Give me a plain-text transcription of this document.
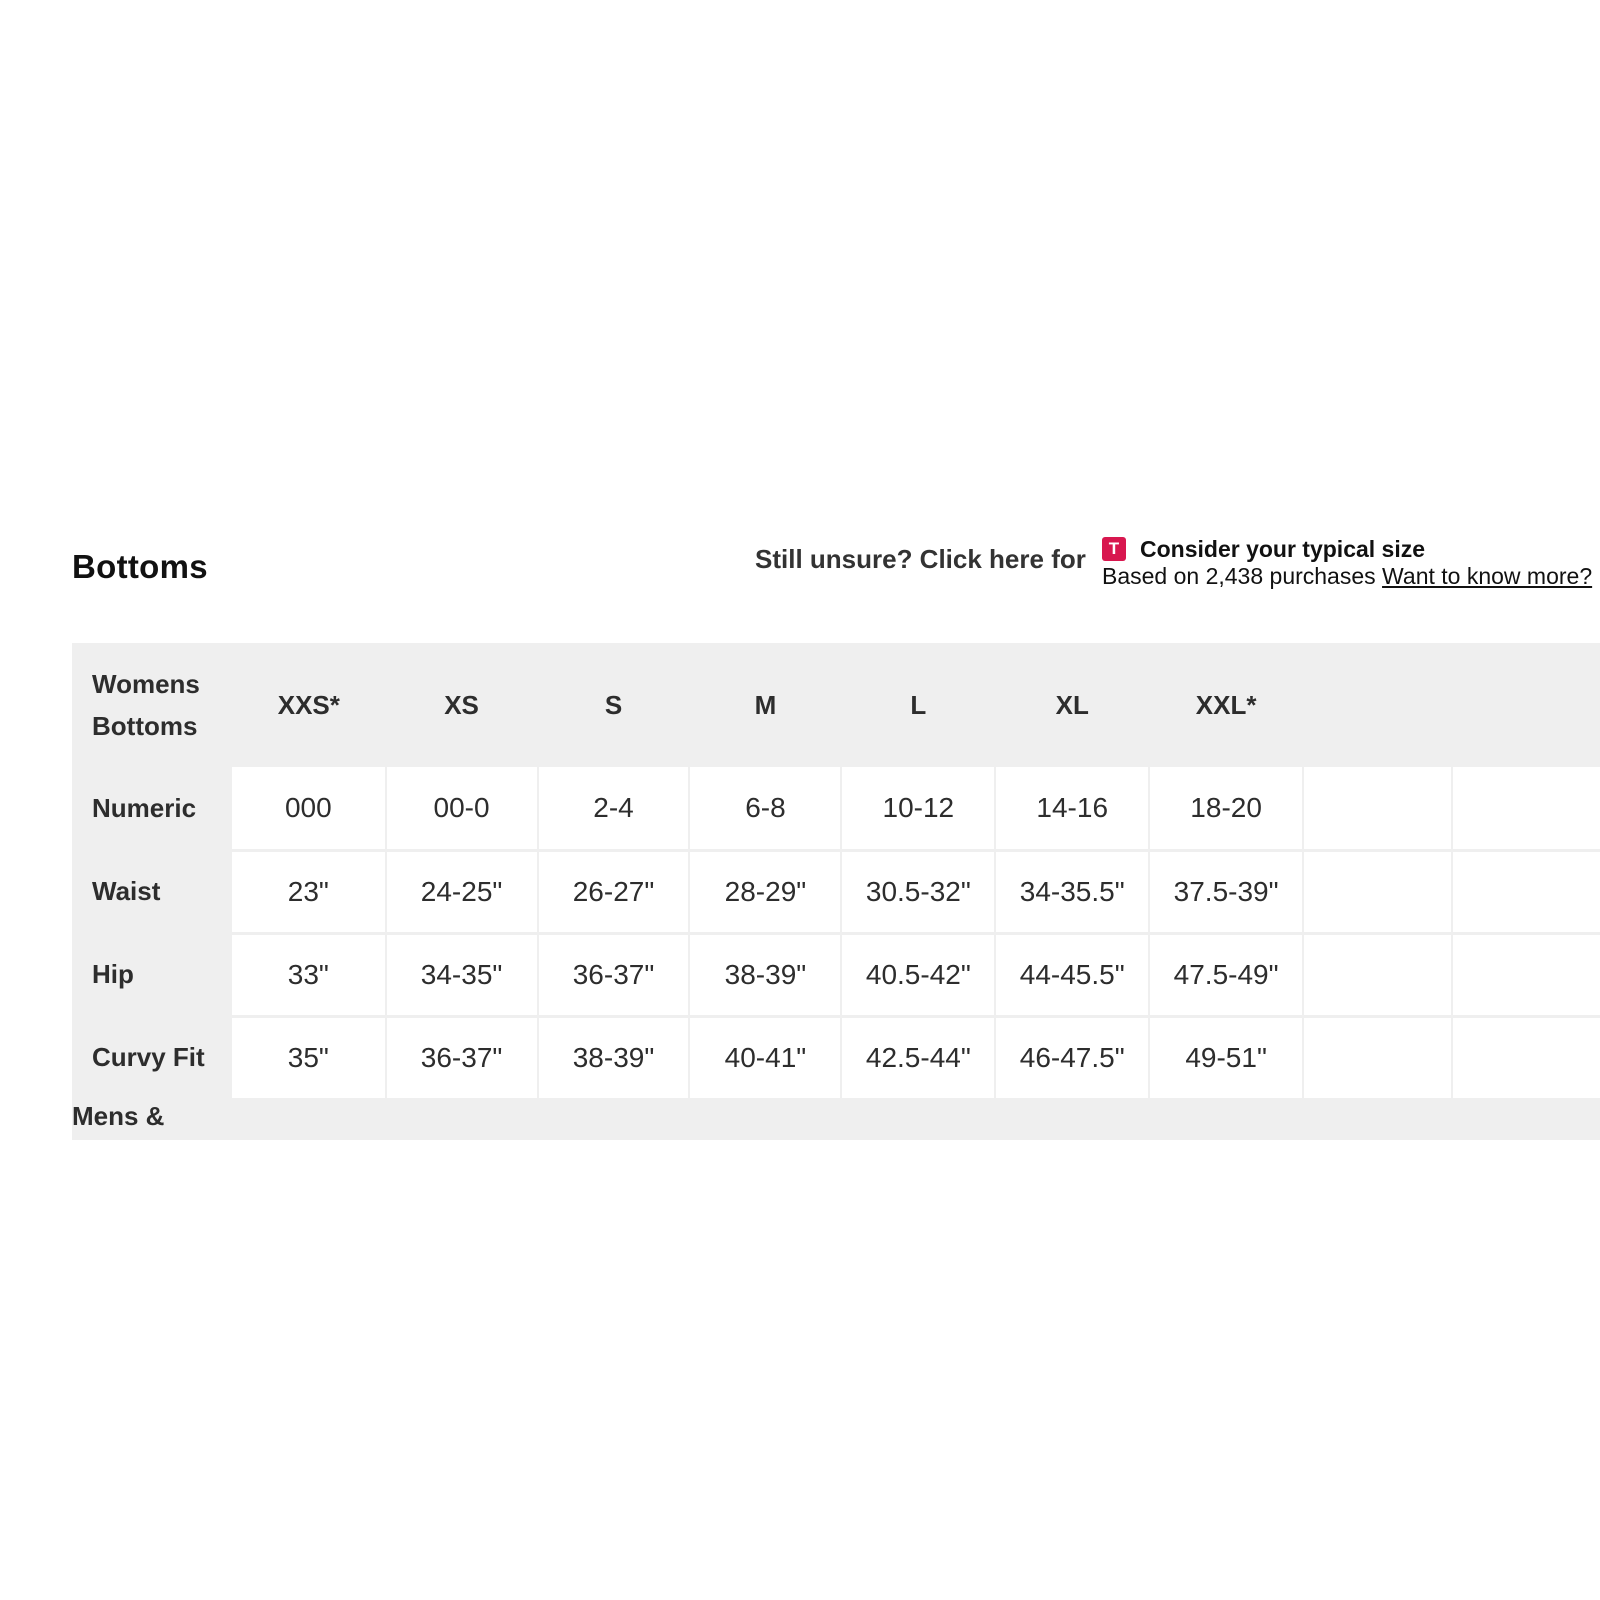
Bottoms	Still unsure? Click here for	T Consider your typical size
Based on 2,438 purchases Want to know more?
Womens
Bottoms	XXS*	XS	S	M	L	XL	XXL*		
Numeric	000	00-0	2-4	6-8	10-12	14-16	18-20		
Waist	23"	24-25"	26-27"	28-29"	30.5-32"	34-35.5"	37.5-39"		
Hip	33"	34-35"	36-37"	38-39"	40.5-42"	44-45.5"	47.5-49"		
Curvy Fit	35"	36-37"	38-39"	40-41"	42.5-44"	46-47.5"	49-51"		
Mens &									
